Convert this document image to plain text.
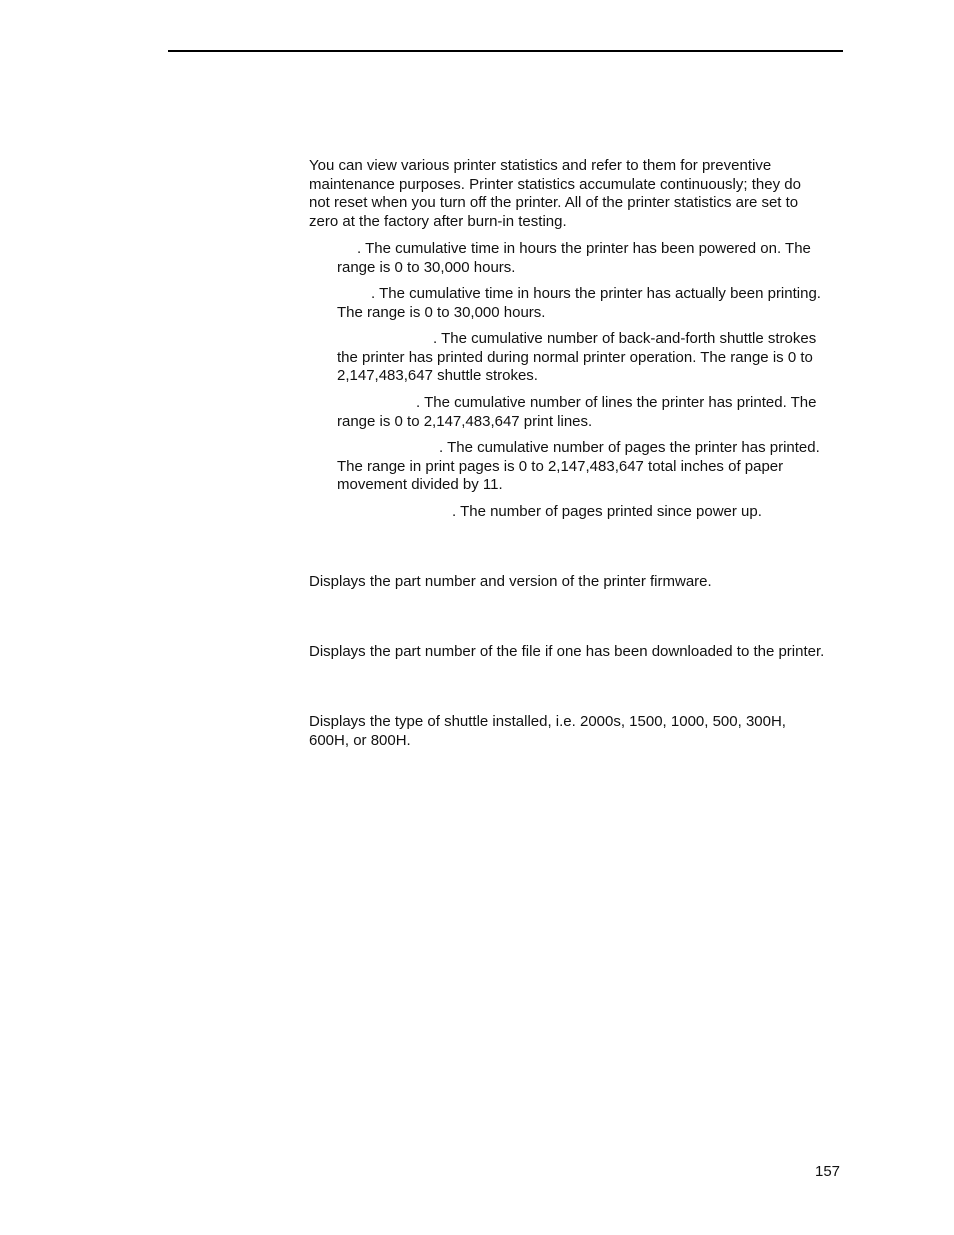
You can view various printer statistics and refer to them for preventive
maintenance purposes. Printer statistics accumulate continuously; they do
not reset when you turn off the printer. All of the printer statistics are set to
zero at the factory after burn-in testing.
. The cumulative time in hours the printer has been powered on. The
range is 0 to 30,000 hours.
. The cumulative time in hours the printer has actually been printing.
The range is 0 to 30,000 hours.
. The cumulative number of back-and-forth shuttle strokes
the printer has printed during normal printer operation. The range is 0 to
2,147,483,647 shuttle strokes.
. The cumulative number of lines the printer has printed. The
range is 0 to 2,147,483,647 print lines.
. The cumulative number of pages the printer has printed.
The range in print pages is 0 to 2,147,483,647 total inches of paper
movement divided by 11.
. The number of pages printed since power up.
Displays the part number and version of the printer firmware.
Displays the part number of the file if one has been downloaded to the printer.
Displays the type of shuttle installed, i.e. 2000s, 1500, 1000, 500, 300H,
600H, or 800H.
157
